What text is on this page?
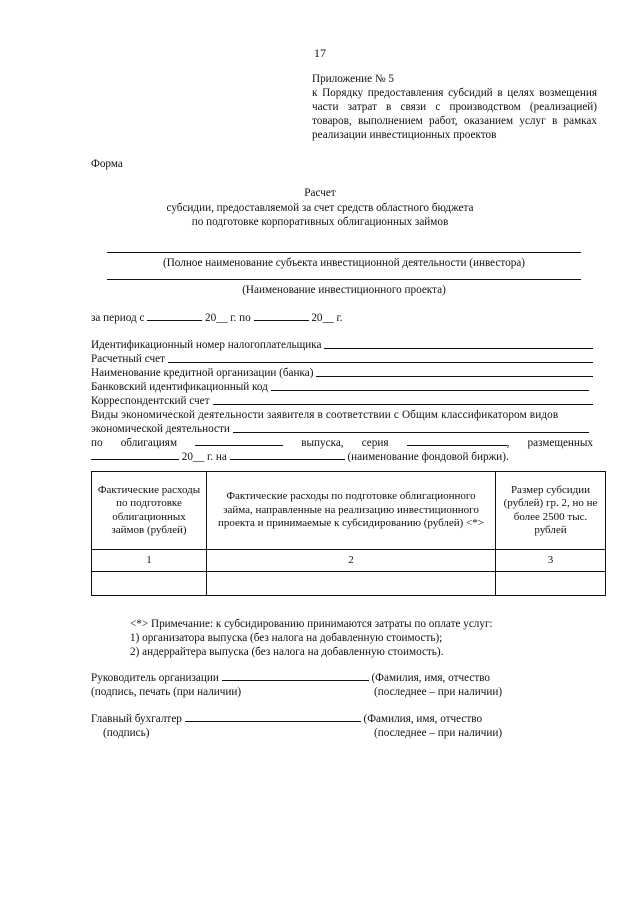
17
Приложение № 5
к Порядку предоставления субсидий в целях возмещения части затрат в связи с производством (реализацией) товаров, выполнением работ, оказанием услуг в рамках реализации инвестиционных проектов
Форма
Расчет
субсидии, предоставляемой за счет средств областного бюджета
по подготовке корпоративных облигационных займов
(Полное наименование субъекта инвестиционной деятельности (инвестора)
(Наименование инвестиционного проекта)
за период с	20__ г. по	20__ г.
Идентификационный номер налогоплательщика
Расчетный счет
Наименование кредитной организации (банка)
Банковский идентификационный код
Корреспондентский счет
Виды экономической деятельности заявителя в соответствии с Общим классификатором видов
экономической деятельности
по облигациям	выпуска, серия	, размещенных
20__ г. на	(наименование фондовой биржи).
Фактические расходы по подготовке облигационных займов (рублей)	Фактические расходы по подготовке облигационного займа, направленные на реализацию инвестиционного проекта и принимаемые к субсидированию (рублей) <*>	Размер субсидии (рублей) гр. 2, но не более 2500 тыс. рублей
1	2	3

<*> Примечание: к субсидированию принимаются затраты по оплате услуг:
1) организатора выпуска (без налога на добавленную стоимость);
2) андеррайтера выпуска (без налога на добавленную стоимость).
Руководитель организации	(Фамилия, имя, отчество
(подпись, печать (при наличии)	(последнее – при наличии)
Главный бухгалтер	(Фамилия, имя, отчество
(подпись)	(последнее – при наличии)
